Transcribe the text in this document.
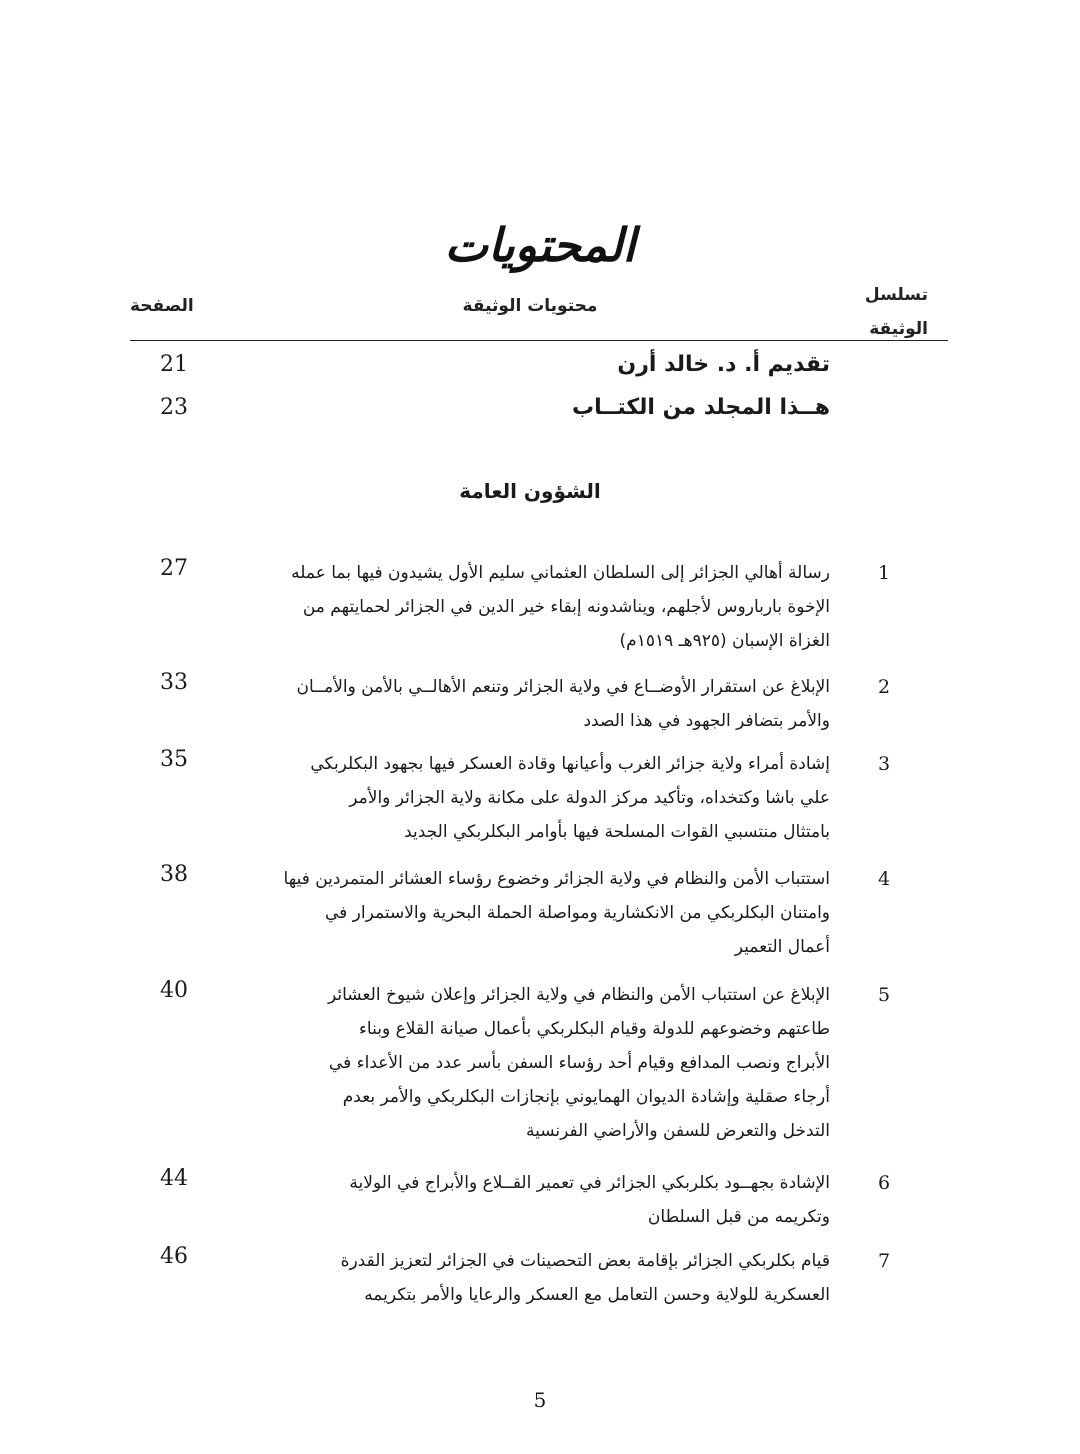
المحتويات
تسلسل
الوثيقة
محتويات الوثيقة
الصفحة
تقديم أ. د. خالد أرن
21
هــذا المجلد من الكتــاب
23
الشؤون العامة
1
رسالة أهالي الجزائر إلى السلطان العثماني سليم الأول يشيدون فيها بما عمله
الإخوة بارباروس لأجلهم، ويناشدونه إبقاء خير الدين في الجزائر لحمايتهم من
الغزاة الإسبان (٩٢٥هـ ١٥١٩م)
27
2
الإبلاغ عن استقرار الأوضــاع في ولاية الجزائر وتنعم الأهالــي بالأمن والأمــان
والأمر بتضافر الجهود في هذا الصدد
33
3
إشادة أمراء ولاية جزائر الغرب وأعيانها وقادة العسكر فيها بجهود البكلربكي
علي باشا وكتخداه، وتأكيد مركز الدولة على مكانة ولاية الجزائر والأمر
بامتثال منتسبي القوات المسلحة فيها بأوامر البكلربكي الجديد
35
4
استتباب الأمن والنظام في ولاية الجزائر وخضوع رؤساء العشائر المتمردين فيها
وامتنان البكلربكي من الانكشارية ومواصلة الحملة البحرية والاستمرار في
أعمال التعمير
38
5
الإبلاغ عن استتباب الأمن والنظام في ولاية الجزائر وإعلان شيوخ العشائر
طاعتهم وخضوعهم للدولة وقيام البكلربكي بأعمال صيانة القلاع وبناء
الأبراج ونصب المدافع وقيام أحد رؤساء السفن بأسر عدد من الأعداء في
أرجاء صقلية وإشادة الديوان الهمايوني بإنجازات البكلربكي والأمر بعدم
التدخل والتعرض للسفن والأراضي الفرنسية
40
6
الإشادة بجهــود بكلربكي الجزائر في تعمير القــلاع والأبراج في الولاية
وتكريمه من قبل السلطان
44
7
قيام بكلربكي الجزائر بإقامة بعض التحصينات في الجزائر لتعزيز القدرة
العسكرية للولاية وحسن التعامل مع العسكر والرعايا والأمر بتكريمه
46
5
